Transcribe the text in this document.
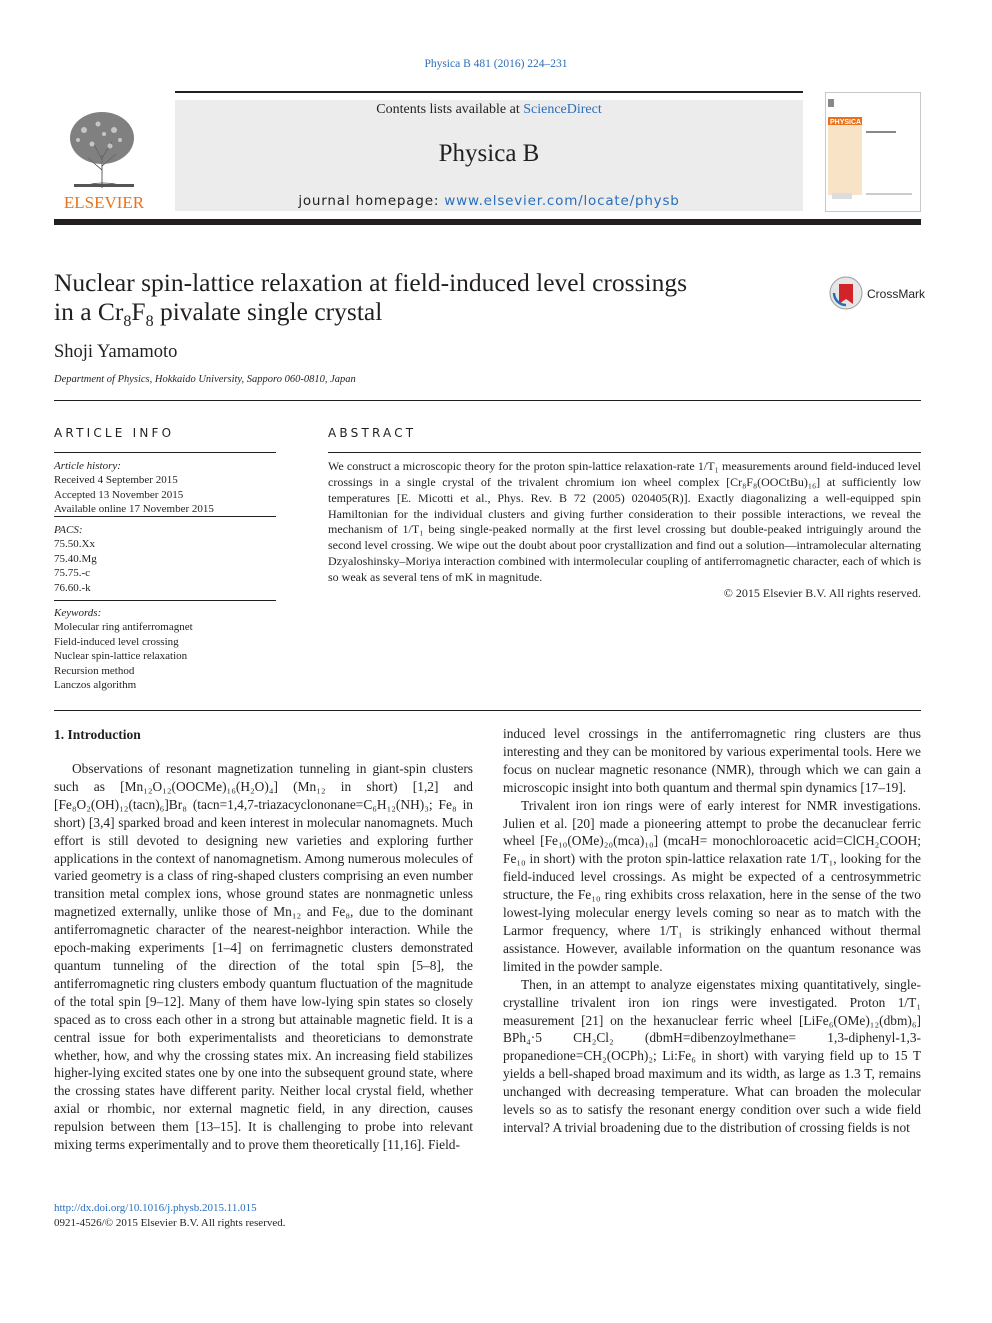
Physica B 481 (2016) 224–231
ELSEVIER
Contents lists available at ScienceDirect
Physica B
journal homepage: www.elsevier.com/locate/physb
PHYSICA
Nuclear spin-lattice relaxation at field-induced level crossings
in a $Cr_8F_8$ pivalate single crystal
CrossMark
Shoji Yamamoto
Department of Physics, Hokkaido University, Sapporo 060-0810, Japan
ARTICLE INFO
Article history:
Received 4 September 2015
Accepted 13 November 2015
Available online 17 November 2015
PACS:
75.50.Xx
75.40.Mg
75.75.-c
76.60.-k
Keywords:
Molecular ring antiferromagnet
Field-induced level crossing
Nuclear spin-lattice relaxation
Recursion method
Lanczos algorithm
ABSTRACT

We construct a microscopic theory for the proton spin-lattice relaxation-rate 1/T₁ measurements around field-induced level crossings in a single crystal of the trivalent chromium ion wheel complex [Cr₈F₈(OOCtBu)₁₆] at sufficiently low temperatures [E. Micotti et al., Phys. Rev. B 72 (2005) 020405(R)]. Exactly diagonalizing a well-equipped spin Hamiltonian for the individual clusters and giving further consideration to their possible interactions, we reveal the mechanism of 1/T₁ being single-peaked normally at the first level crossing but double-peaked intriguingly around the second level crossing. We wipe out the doubt about poor crystallization and find out a solution—intramolecular alternating Dzyaloshinsky–Moriya interaction combined with intermolecular coupling of antiferromagnetic character, each of which is so weak as several tens of mK in magnitude.

© 2015 Elsevier B.V. All rights reserved.

1. Introduction

Observations of resonant magnetization tunneling in giant-spin clusters such as [Mn₁₂O₁₂(OOCMe)₁₆(H₂O)₄] (Mn₁₂ in short) [1,2] and [Fe₈O₂(OH)₁₂(tacn)₆]Br₈ (tacn=1,4,7-triazacyclononane=C₆H₁₂(NH)₃; Fe₈ in short) [3,4] sparked broad and keen interest in molecular nanomagnets. Much effort is still devoted to designing new varieties and exploring further applications in the context of nanomagnetism. Among numerous molecules of varied geometry is a class of ring-shaped clusters comprising an even number transition metal complex ions, whose ground states are nonmagnetic unless magnetized externally, unlike those of Mn₁₂ and Fe₈, due to the dominant antiferromagnetic character of the nearest-neighbor interaction. While the epoch-making experiments [1–4] on ferrimagnetic clusters demonstrated quantum tunneling of the direction of the total spin [5–8], the antiferromagnetic ring clusters embody quantum fluctuation of the magnitude of the total spin [9–12]. Many of them have low-lying spin states so closely spaced as to cross each other in a strong but attainable magnetic field. It is a central issue for both experimentalists and theoreticians to demonstrate whether, how, and why the crossing states mix. An increasing field stabilizes higher-lying excited states one by one into the subsequent ground state, where the crossing states have different parity. Neither local crystal field, whether axial or rhombic, nor external magnetic field, in any direction, causes repulsion between them [13–15]. It is challenging to probe into relevant mixing terms experimentally and to prove them theoretically [11,16]. Field-

induced level crossings in the antiferromagnetic ring clusters are thus interesting and they can be monitored by various experimental tools. Here we focus on nuclear magnetic resonance (NMR), through which we can gain a microscopic insight into both quantum and thermal spin dynamics [17–19].

Trivalent iron ion rings were of early interest for NMR investigations. Julien et al. [20] made a pioneering attempt to probe the decanuclear ferric wheel [Fe₁₀(OMe)₂₀(mca)₁₀] (mcaH= monochloroacetic acid=ClCH₂COOH; Fe₁₀ in short) with the proton spin-lattice relaxation rate 1/T₁, looking for the field-induced level crossings. As might be expected of a centrosymmetric structure, the Fe₁₀ ring exhibits cross relaxation, here in the sense of the two lowest-lying molecular energy levels coming so near as to match with the Larmor frequency, where 1/T₁ is strikingly enhanced without thermal assistance. However, available information on the quantum resonance was limited in the powder sample.

Then, in an attempt to analyze eigenstates mixing quantitatively, single-crystalline trivalent iron ion rings were investigated. Proton 1/T₁ measurement [21] on the hexanuclear ferric wheel [LiFe₆(OMe)₁₂(dbm)₆] BPh₄·5 CH₂Cl₂ (dbmH=dibenzoylmethane= 1,3-diphenyl-1,3-propanedione=CH₂(OCPh)₂; Li:Fe₆ in short) with varying field up to 15 T yields a bell-shaped broad maximum and its width, as large as 1.3 T, remains unchanged with decreasing temperature. What can broaden the molecular levels so as to satisfy the resonant energy condition over such a wide field interval? A trivial broadening due to the distribution of crossing fields is not

http://dx.doi.org/10.1016/j.physb.2015.11.015
0921-4526/© 2015 Elsevier B.V. All rights reserved.
